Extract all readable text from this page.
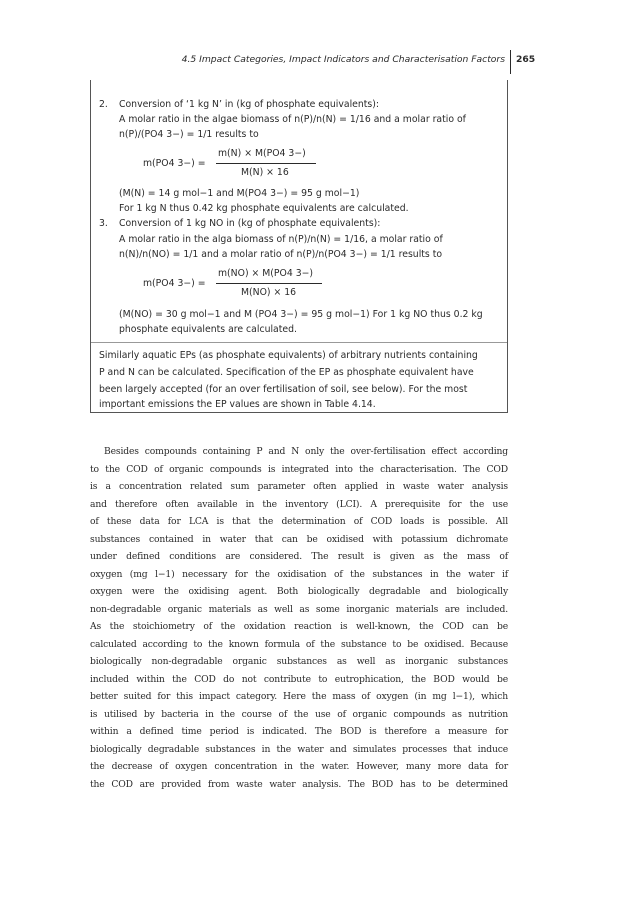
4.5 Impact Categories, Impact Indicators and Characterisation Factors 265
2. Conversion of ‘1 kg N’ in (kg of phosphate equivalents):
A molar ratio in the algae biomass of n(P)/n(N) = 1/16 and a molar ratio of
n(P)/(PO4 3−) = 1/1 results to
m(PO4 3−) =
m(N) × M(PO4 3−)
M(N) × 16
(M(N) = 14 g mol−1 and M(PO4 3−) = 95 g mol−1)
For 1 kg N thus 0.42 kg phosphate equivalents are calculated.
3. Conversion of 1 kg NO in (kg of phosphate equivalents):
A molar ratio in the alga biomass of n(P)/n(N) = 1/16, a molar ratio of
n(N)/n(NO) = 1/1 and a molar ratio of n(P)/n(PO4 3−) = 1/1 results to
m(PO4 3−) =
m(NO) × M(PO4 3−)
M(NO) × 16
(M(NO) = 30 g mol−1 and M (PO4 3−) = 95 g mol−1) For 1 kg NO thus 0.2 kg
phosphate equivalents are calculated.
Similarly aquatic EPs (as phosphate equivalents) of arbitrary nutrients containing
P and N can be calculated. Specification of the EP as phosphate equivalent have
been largely accepted (for an over fertilisation of soil, see below). For the most
important emissions the EP values are shown in Table 4.14.
Besides compounds containing P and N only the over-fertilisation effect according
to the COD of organic compounds is integrated into the characterisation. The COD
is a concentration related sum parameter often applied in waste water analysis
and therefore often available in the inventory (LCI). A prerequisite for the use
of these data for LCA is that the determination of COD loads is possible. All
substances contained in water that can be oxidised with potassium dichromate
under defined conditions are considered. The result is given as the mass of
oxygen (mg l−1) necessary for the oxidisation of the substances in the water if
oxygen were the oxidising agent. Both biologically degradable and biologically
non-degradable organic materials as well as some inorganic materials are included.
As the stoichiometry of the oxidation reaction is well-known, the COD can be
calculated according to the known formula of the substance to be oxidised. Because
biologically non-degradable organic substances as well as inorganic substances
included within the COD do not contribute to eutrophication, the BOD would be
better suited for this impact category. Here the mass of oxygen (in mg l−1), which
is utilised by bacteria in the course of the use of organic compounds as nutrition
within a defined time period is indicated. The BOD is therefore a measure for
biologically degradable substances in the water and simulates processes that induce
the decrease of oxygen concentration in the water. However, many more data for
the COD are provided from waste water analysis. The BOD has to be determined
